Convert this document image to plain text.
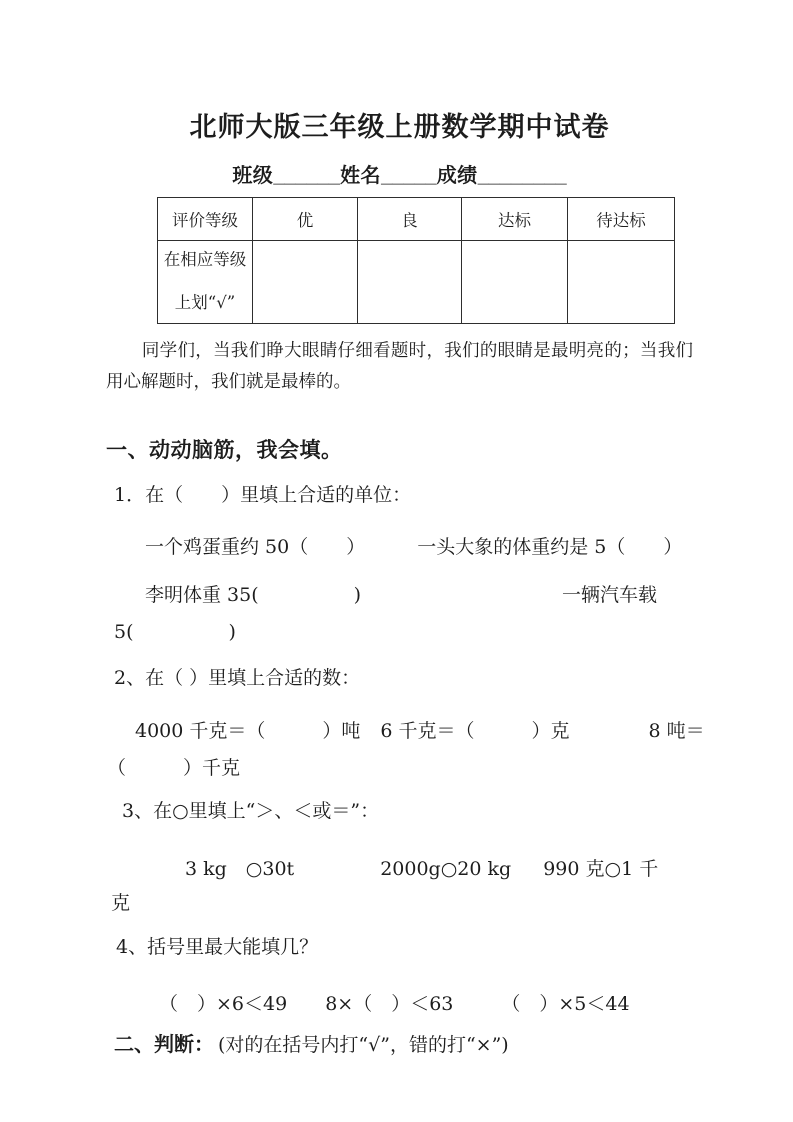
北师大版三年级上册数学期中试卷
班级______姓名_____成绩________
评价等级	优	良	达标	待达标

在相应等级
上划“√”				

同学们，当我们睁大眼睛仔细看题时，我们的眼睛是最明亮的；当我们用心解题时，我们就是最棒的。

一、动动脑筋，我会填。
1．在（　　）里填上合适的单位：
一个鸡蛋重约 50（　　）	一头大象的体重约是 5（　　）
李明体重 35(　　　　　)	一辆汽车载
5(　　　　　)
2、在（ ）里填上合适的数：
4000 千克＝（　　　）吨 6 千克＝（　　　）克	8 吨＝
（　　　）千克
3、在○里填上“＞、＜或＝”：
3 kg　○30t	2000g○20 kg 990 克○1 千
克
4、括号里最大能填几？
（　）×6＜49 8×（　）＜63	（　）×5＜44
二、判断： (对的在括号内打“√”，错的打“×”)
